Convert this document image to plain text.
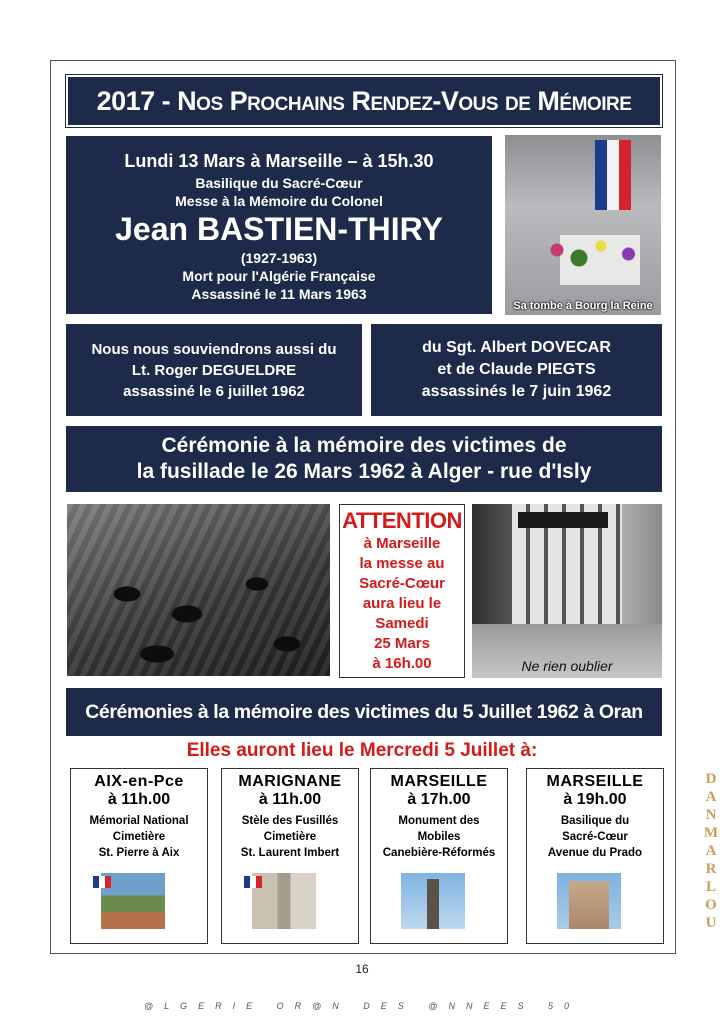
2017 - Nos Prochains Rendez-Vous de Mémoire
Lundi 13 Mars à Marseille – à 15h.30
Basilique du Sacré-Cœur
Messe à la Mémoire du Colonel
Jean BASTIEN-THIRY
(1927-1963)
Mort pour l'Algérie Française
Assassiné le 11 Mars 1963
Sa tombe à Bourg la Reine
Nous nous souviendrons aussi du
Lt. Roger DEGUELDRE
assassiné le 6 juillet 1962
du Sgt. Albert DOVECAR
et de Claude PIEGTS
assassinés le 7 juin 1962
Cérémonie à la mémoire des victimes de
la fusillade le 26 Mars 1962 à Alger - rue d'Isly
ATTENTION
à Marseille
la messe au
Sacré-Cœur
aura lieu le
Samedi
25 Mars
à 16h.00	Ne rien oublier
Cérémonies à la mémoire des victimes du 5 Juillet 1962 à Oran
Elles auront lieu le Mercredi 5 Juillet à:
AIX-en-Pce
à 11h.00
Mémorial National
Cimetière
St. Pierre à Aix
MARIGNANE
à 11h.00
Stèle des Fusillés
Cimetière
St. Laurent Imbert
MARSEILLE
à 17h.00
Monument des
Mobiles
Canebière-Réformés
MARSEILLE
à 19h.00
Basilique du
Sacré-Cœur
Avenue du Prado
16
@LGERIE OR@N DES @NNEES 50
D
A
N
M
A
R
L
O
U
